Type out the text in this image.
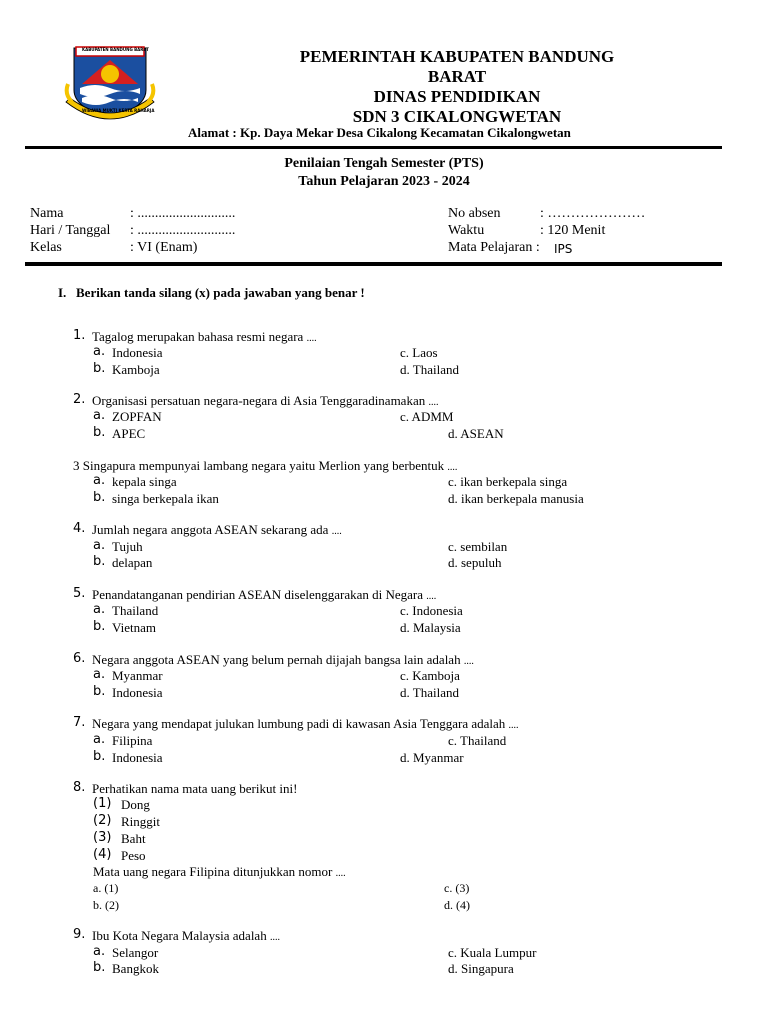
KABUPATEN BANDUNG BARAT
WIBAWA MUKTI KERTA RAHARJA
PEMERINTAH KABUPATEN BANDUNG
BARAT
DINAS PENDIDIKAN
SDN 3 CIKALONGWETAN
Alamat : Kp. Daya Mekar Desa Cikalong Kecamatan Cikalongwetan
Penilaian Tengah Semester (PTS)
Tahun Pelajaran 2023 - 2024
Nama	: ............................
Hari / Tanggal : ............................
Kelas	: VI (Enam)
No absen	: …………………
Waktu	: 120 Menit
Mata Pelajaran : IPS
I. Berikan tanda silang (x) pada jawaban yang benar !
1. Tagalog merupakan bahasa resmi negara ....
a. Indonesia
b. Kamboja
c. Laos
d. Thailand
2. Organisasi persatuan negara-negara di Asia Tenggaradinamakan ....
a. ZOPFAN
b. APEC
c. ADMM
d. ASEAN
3 Singapura mempunyai lambang negara yaitu Merlion yang berbentuk ....
a. kepala singa
b. singa berkepala ikan
c. ikan berkepala singa
d. ikan berkepala manusia
4. Jumlah negara anggota ASEAN sekarang ada ....
a. Tujuh
b. delapan
c. sembilan
d. sepuluh
5. Penandatanganan pendirian ASEAN diselenggarakan di Negara ....
a. Thailand
b. Vietnam
c. Indonesia
d. Malaysia
6. Negara anggota ASEAN yang belum pernah dijajah bangsa lain adalah ....
a. Myanmar
b. Indonesia
c. Kamboja
d. Thailand
7. Negara yang mendapat julukan lumbung padi di kawasan Asia Tenggara adalah ....
a. Filipina
b. Indonesia
c. Thailand
d. Myanmar
8. Perhatikan nama mata uang berikut ini!
(1) Dong
(2) Ringgit
(3) Baht
(4) Peso
Mata uang negara Filipina ditunjukkan nomor ....
a. (1)
b. (2)
c. (3)
d. (4)
9. Ibu Kota Negara Malaysia adalah ....
a. Selangor
b. Bangkok
c. Kuala Lumpur
d. Singapura
